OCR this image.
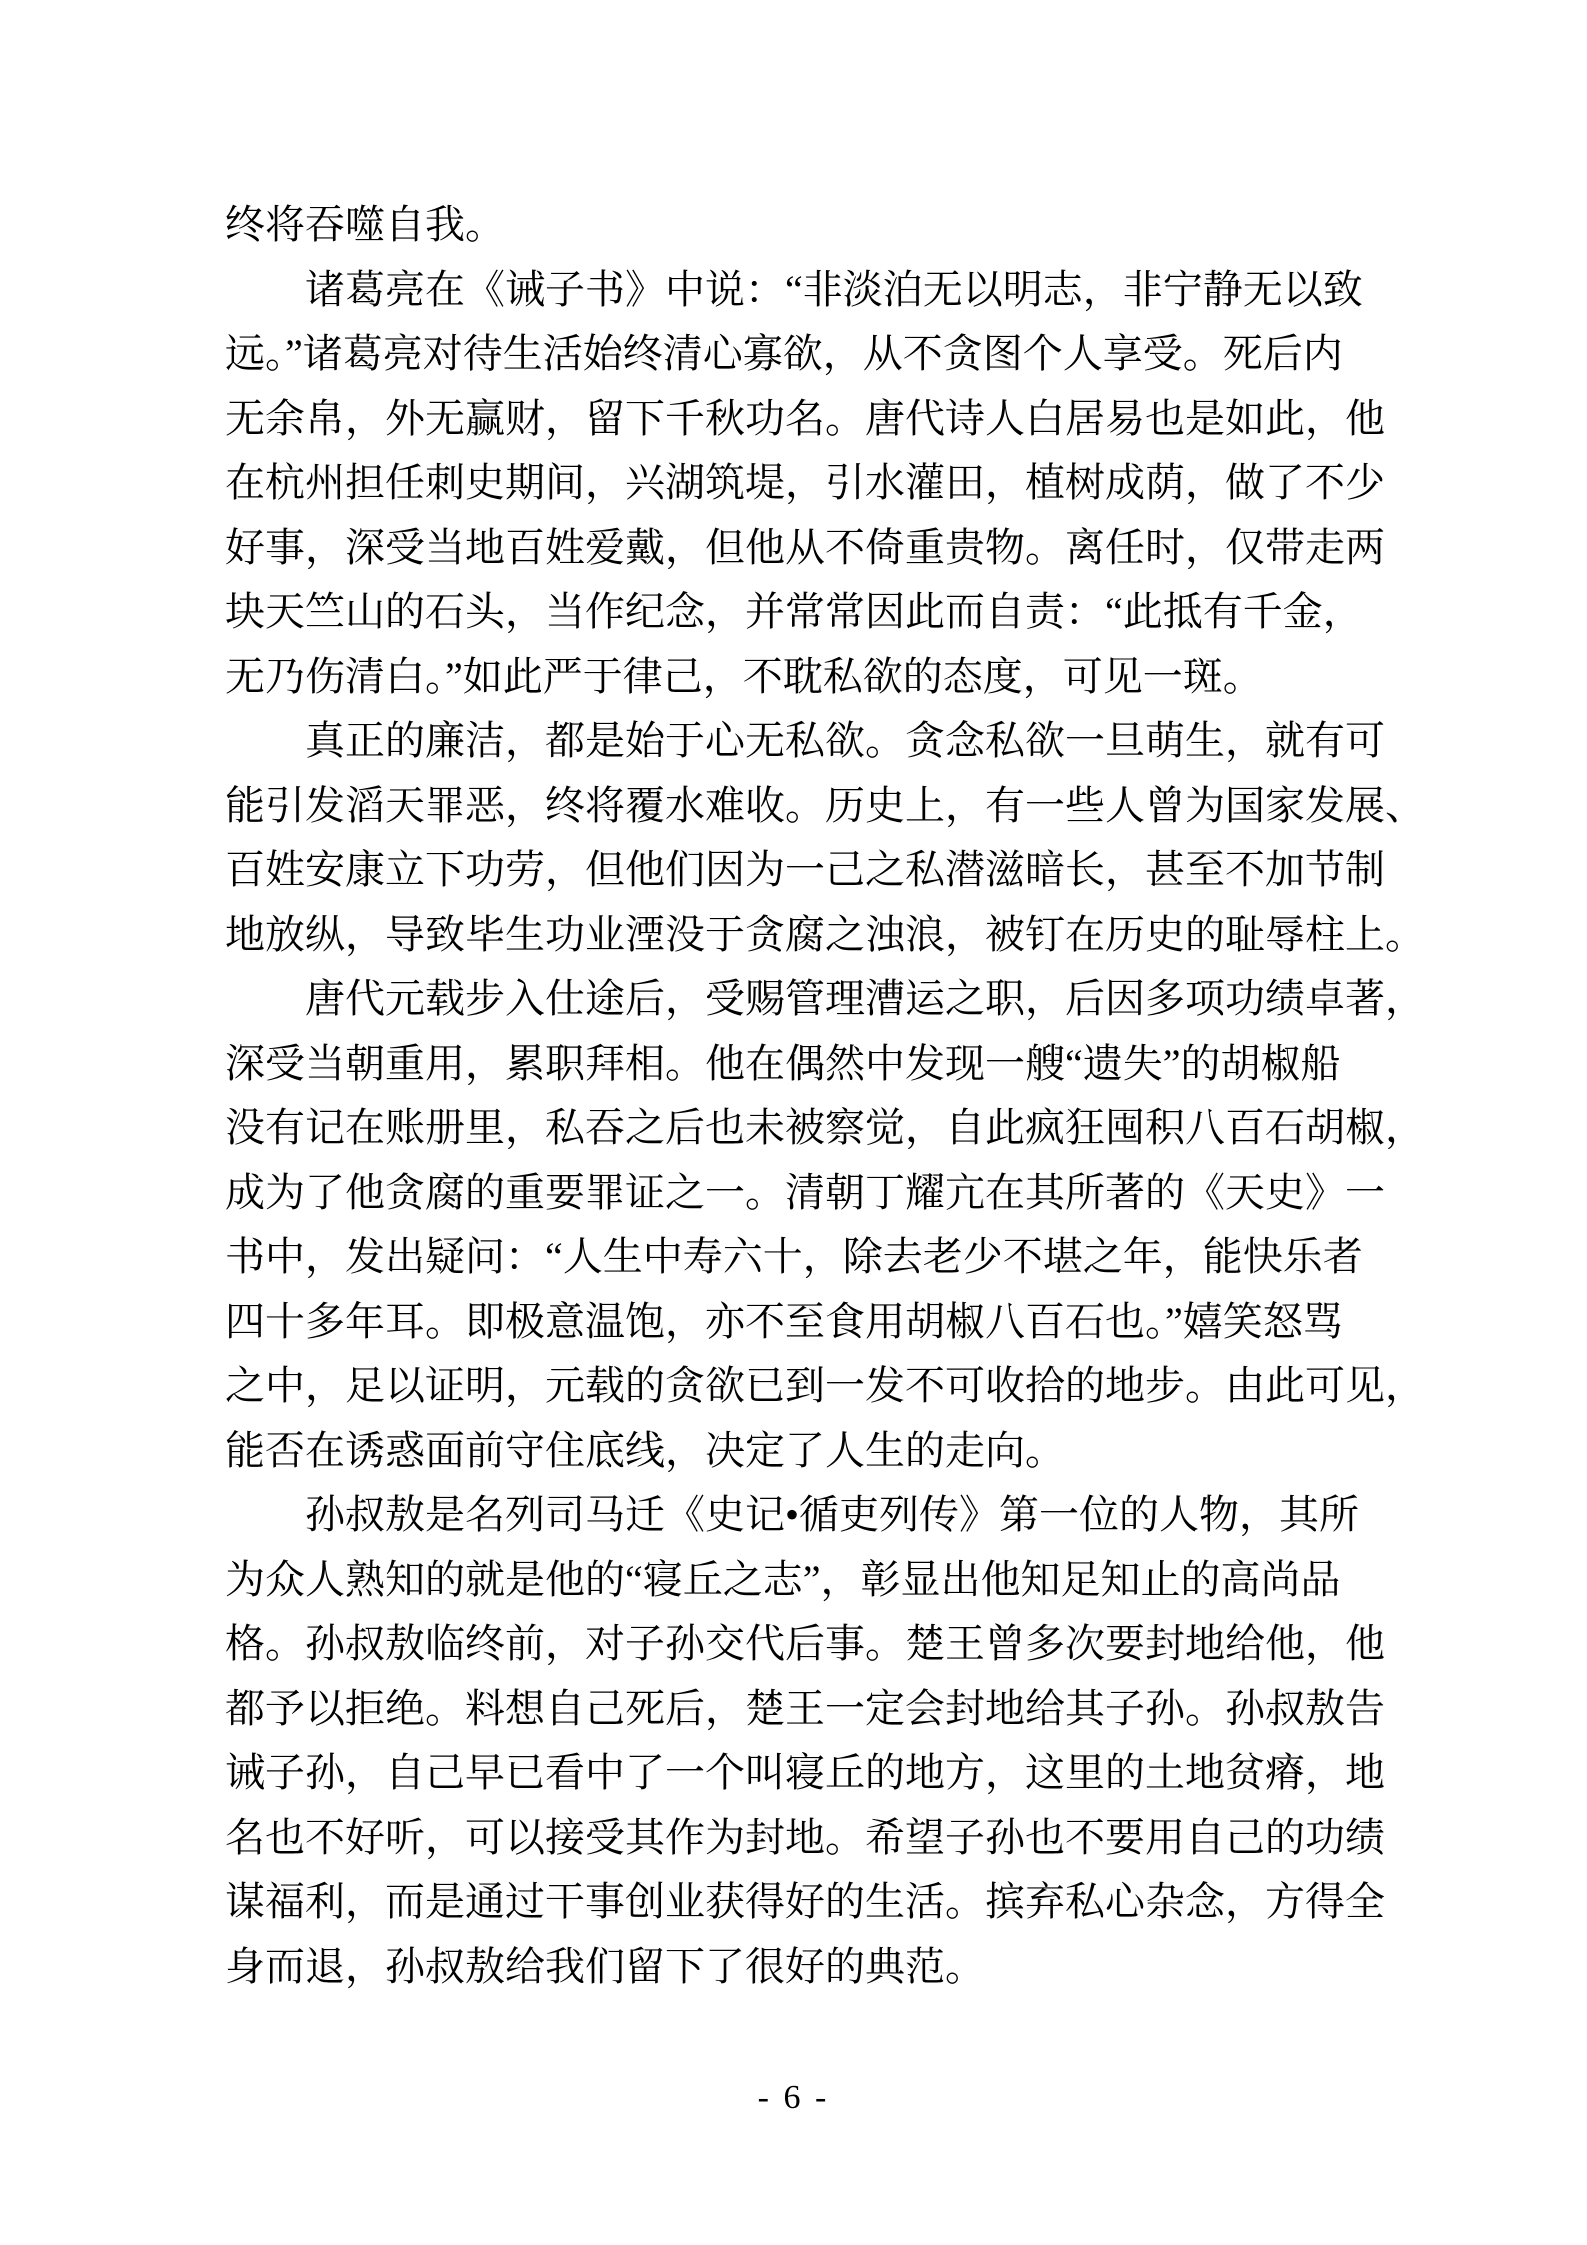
终将吞噬自我。
诸葛亮在《诫子书》中说：“非淡泊无以明志，非宁静无以致
远。”诸葛亮对待生活始终清心寡欲，从不贪图个人享受。死后内
无余帛，外无赢财，留下千秋功名。唐代诗人白居易也是如此，他
在杭州担任刺史期间，兴湖筑堤，引水灌田，植树成荫，做了不少
好事，深受当地百姓爱戴，但他从不倚重贵物。离任时，仅带走两
块天竺山的石头，当作纪念，并常常因此而自责：“此抵有千金，
无乃伤清白。”如此严于律己，不耽私欲的态度，可见一斑。
真正的廉洁，都是始于心无私欲。贪念私欲一旦萌生，就有可
能引发滔天罪恶，终将覆水难收。历史上，有一些人曾为国家发展、
百姓安康立下功劳，但他们因为一己之私潜滋暗长，甚至不加节制
地放纵，导致毕生功业湮没于贪腐之浊浪，被钉在历史的耻辱柱上。
唐代元载步入仕途后，受赐管理漕运之职，后因多项功绩卓著，
深受当朝重用，累职拜相。他在偶然中发现一艘“遗失”的胡椒船
没有记在账册里，私吞之后也未被察觉，自此疯狂囤积八百石胡椒，
成为了他贪腐的重要罪证之一。清朝丁耀亢在其所著的《天史》一
书中，发出疑问：“人生中寿六十，除去老少不堪之年，能快乐者
四十多年耳。即极意温饱，亦不至食用胡椒八百石也。”嬉笑怒骂
之中，足以证明，元载的贪欲已到一发不可收拾的地步。由此可见，
能否在诱惑面前守住底线，决定了人生的走向。
孙叔敖是名列司马迁《史记•循吏列传》第一位的人物，其所
为众人熟知的就是他的“寝丘之志”，彰显出他知足知止的高尚品
格。孙叔敖临终前，对子孙交代后事。楚王曾多次要封地给他，他
都予以拒绝。料想自己死后，楚王一定会封地给其子孙。孙叔敖告
诫子孙，自己早已看中了一个叫寝丘的地方，这里的土地贫瘠，地
名也不好听，可以接受其作为封地。希望子孙也不要用自己的功绩
谋福利，而是通过干事创业获得好的生活。摈弃私心杂念，方得全
身而退，孙叔敖给我们留下了很好的典范。
- 6 -
